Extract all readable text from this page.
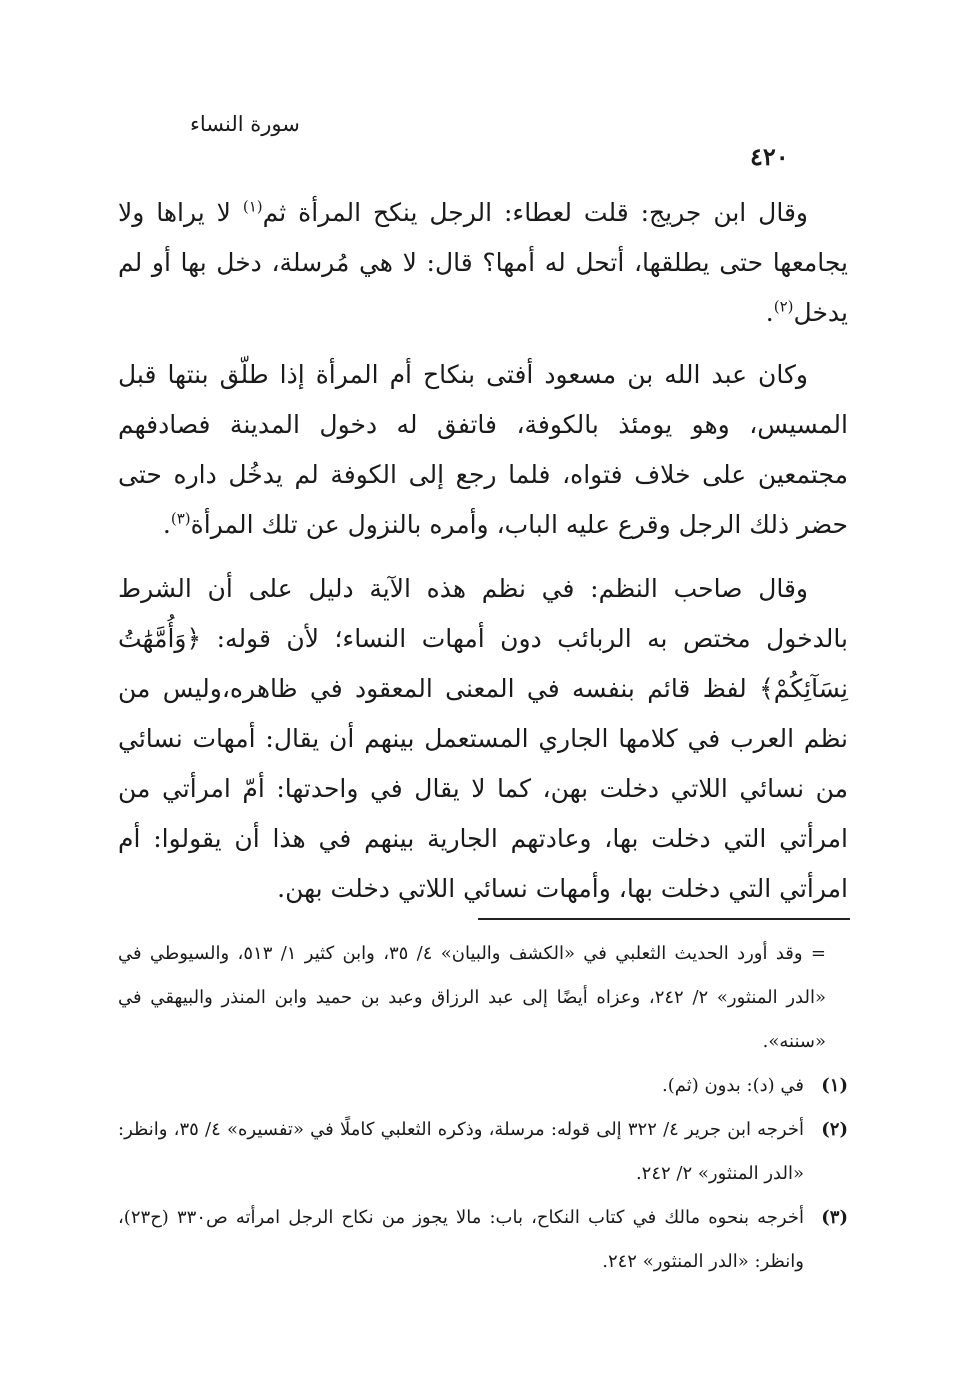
سورة النساء
٤٢٠

وقال ابن جريج: قلت لعطاء: الرجل ينكح المرأة ثم$^{(١)}$ لا يراها ولا يجامعها حتى يطلقها، أتحل له أمها؟ قال: لا هي مُرسلة، دخل بها أو لم يدخل$^{(٢)}$.

وكان عبد الله بن مسعود أفتى بنكاح أم المرأة إذا طلّق بنتها قبل المسيس، وهو يومئذ بالكوفة، فاتفق له دخول المدينة فصادفهم مجتمعين على خلاف فتواه، فلما رجع إلى الكوفة لم يدخُل داره حتى حضر ذلك الرجل وقرع عليه الباب، وأمره بالنزول عن تلك المرأة$^{(٣)}$.

وقال صاحب النظم: في نظم هذه الآية دليل على أن الشرط بالدخول مختص به الربائب دون أمهات النساء؛ لأن قوله: ﴿وَأُمَّهَٰتُ نِسَآئِكُمْ﴾ لفظ قائم بنفسه في المعنى المعقود في ظاهره،وليس من نظم العرب في كلامها الجاري المستعمل بينهم أن يقال: أمهات نسائي من نسائي اللاتي دخلت بهن، كما لا يقال في واحدتها: أمّ امرأتي من امرأتي التي دخلت بها، وعادتهم الجارية بينهم في هذا أن يقولوا: أم امرأتي التي دخلت بها، وأمهات نسائي اللاتي دخلت بهن.

= وقد أورد الحديث الثعلبي في «الكشف والبيان» ٤/ ٣٥، وابن كثير ١/ ٥١٣، والسيوطي في «الدر المنثور» ٢/ ٢٤٢، وعزاه أيضًا إلى عبد الرزاق وعبد بن حميد وابن المنذر والبيهقي في «سننه».

(١)
في (د): بدون (ثم).

(٢)
أخرجه ابن جرير ٤/ ٣٢٢ إلى قوله: مرسلة، وذكره الثعلبي كاملًا في «تفسيره» ٤/ ٣٥، وانظر: «الدر المنثور» ٢/ ٢٤٢.

(٣)
أخرجه بنحوه مالك في كتاب النكاح، باب: مالا يجوز من نكاح الرجل امرأته ص٣٣٠ (ح٢٣)، وانظر: «الدر المنثور» ٢٤٢.
